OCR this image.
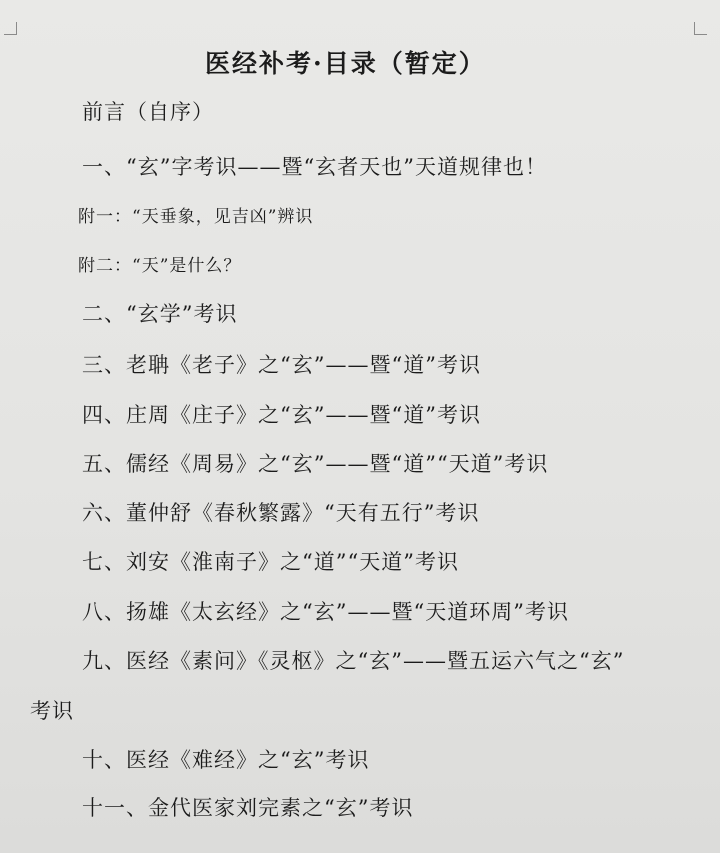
医经补考·目录（暂定）
前言（自序）
一、“玄”字考识——暨“玄者天也”天道规律也！
附一：“天垂象，见吉凶”辨识
附二：“天”是什么？
二、“玄学”考识
三、老聃《老子》之“玄”——暨“道”考识
四、庄周《庄子》之“玄”——暨“道”考识
五、儒经《周易》之“玄”——暨“道”“天道”考识
六、董仲舒《春秋繁露》“天有五行”考识
七、刘安《淮南子》之“道”“天道”考识
八、扬雄《太玄经》之“玄”——暨“天道环周”考识
九、医经《素问》《灵枢》之“玄”——暨五运六气之“玄”
考识
十、医经《难经》之“玄”考识
十一、金代医家刘完素之“玄”考识
